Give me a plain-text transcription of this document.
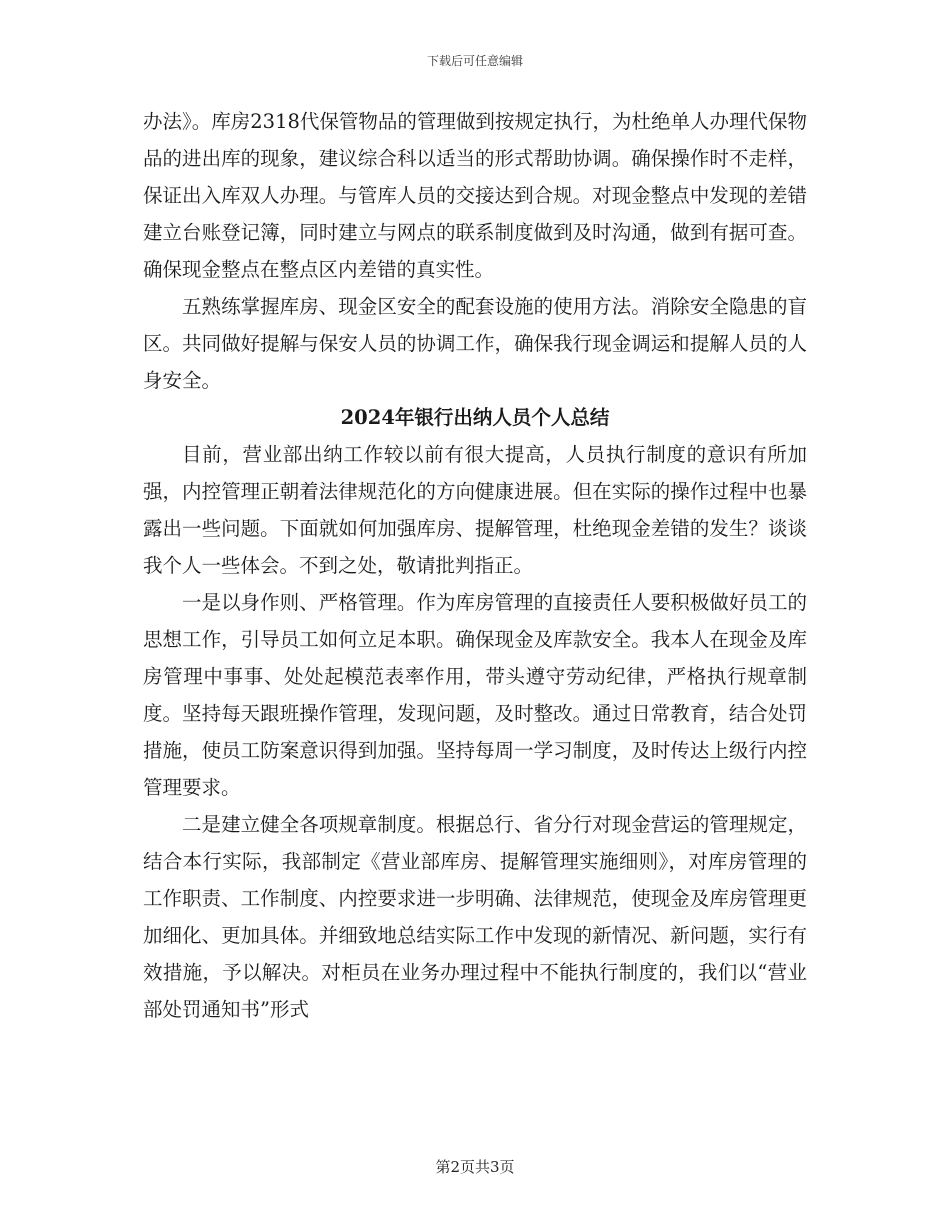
下载后可任意编辑

办法》。库房2318代保管物品的管理做到按规定执行，为杜绝单人办理代保物品的进出库的现象，建议综合科以适当的形式帮助协调。确保操作时不走样，保证出入库双人办理。与管库人员的交接达到合规。对现金整点中发现的差错建立台账登记簿，同时建立与网点的联系制度做到及时沟通，做到有据可查。确保现金整点在整点区内差错的真实性。

五熟练掌握库房、现金区安全的配套设施的使用方法。消除安全隐患的盲区。共同做好提解与保安人员的协调工作，确保我行现金调运和提解人员的人身安全。

2024年银行出纳人员个人总结

目前，营业部出纳工作较以前有很大提高，人员执行制度的意识有所加强，内控管理正朝着法律规范化的方向健康进展。但在实际的操作过程中也暴露出一些问题。下面就如何加强库房、提解管理，杜绝现金差错的发生？谈谈我个人一些体会。不到之处，敬请批判指正。

一是以身作则、严格管理。作为库房管理的直接责任人要积极做好员工的思想工作，引导员工如何立足本职。确保现金及库款安全。我本人在现金及库房管理中事事、处处起模范表率作用，带头遵守劳动纪律，严格执行规章制度。坚持每天跟班操作管理，发现问题，及时整改。通过日常教育，结合处罚措施，使员工防案意识得到加强。坚持每周一学习制度，及时传达上级行内控管理要求。

二是建立健全各项规章制度。根据总行、省分行对现金营运的管理规定，结合本行实际，我部制定《营业部库房、提解管理实施细则》，对库房管理的工作职责、工作制度、内控要求进一步明确、法律规范，使现金及库房管理更加细化、更加具体。并细致地总结实际工作中发现的新情况、新问题，实行有效措施，予以解决。对柜员在业务办理过程中不能执行制度的，我们以“营业部处罚通知书”形式

第2页共3页
